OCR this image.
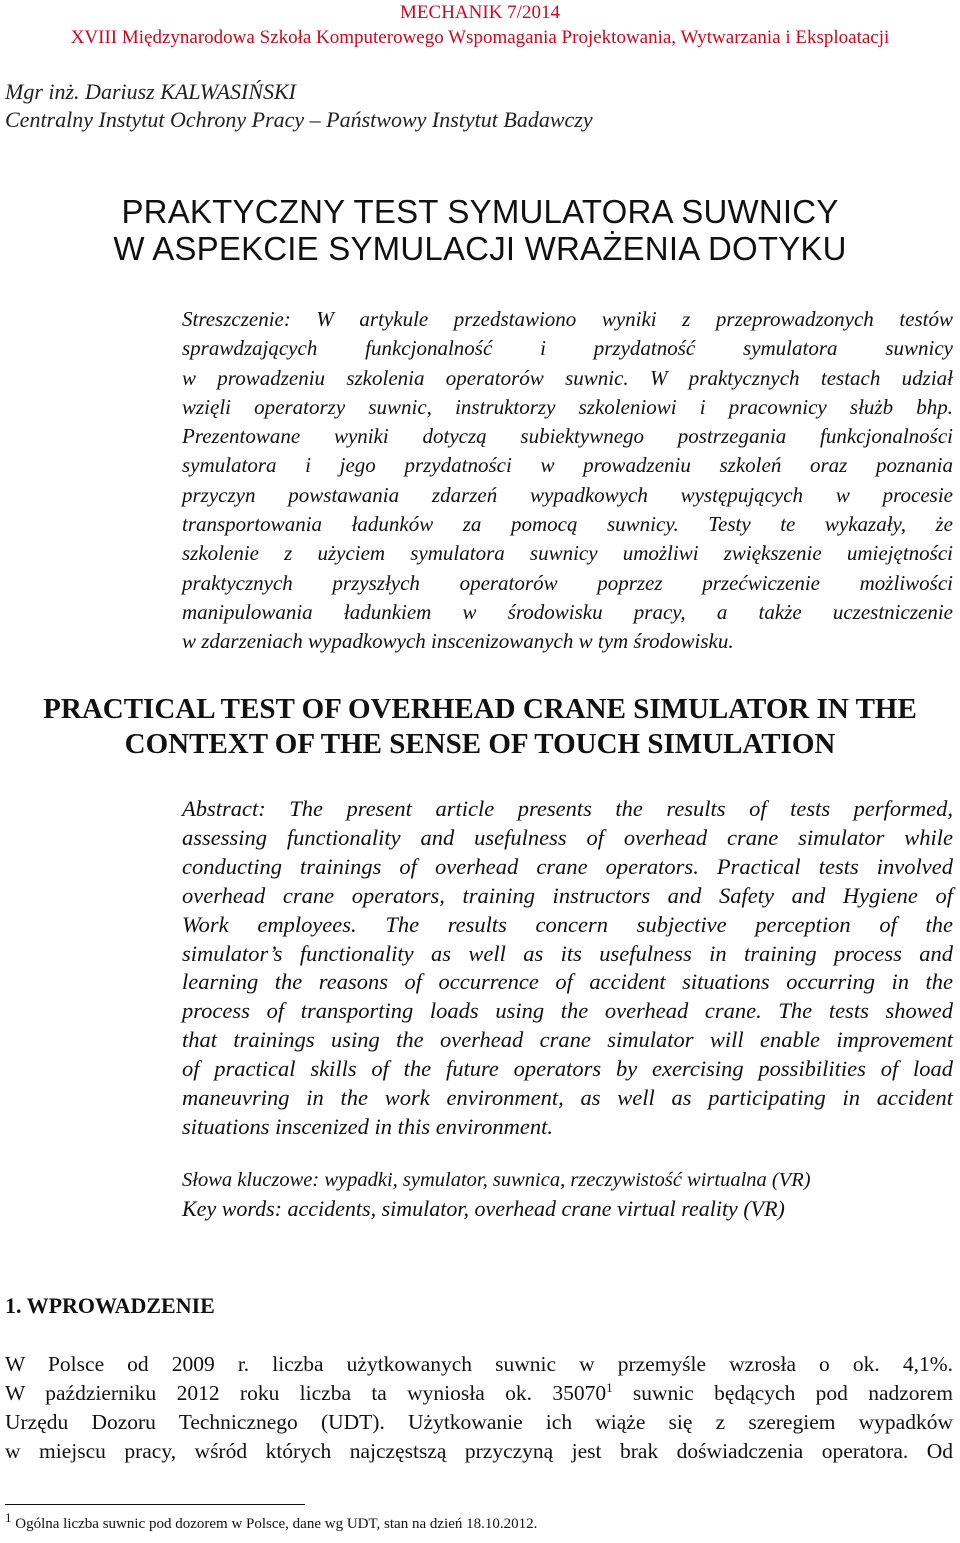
MECHANIK 7/2014
XVIII Międzynarodowa Szkoła Komputerowego Wspomagania Projektowania, Wytwarzania i Eksploatacji
Mgr inż. Dariusz KALWASIŃSKI
Centralny Instytut Ochrony Pracy – Państwowy Instytut Badawczy
PRAKTYCZNY TEST SYMULATORA SUWNICY
W ASPEKCIE SYMULACJI WRAŻENIA DOTYKU
Streszczenie: W artykule przedstawiono wyniki z przeprowadzonych testów
sprawdzających funkcjonalność i przydatność symulatora suwnicy
w prowadzeniu szkolenia operatorów suwnic. W praktycznych testach udział
wzięli operatorzy suwnic, instruktorzy szkoleniowi i pracownicy służb bhp.
Prezentowane wyniki dotyczą subiektywnego postrzegania funkcjonalności
symulatora i jego przydatności w prowadzeniu szkoleń oraz poznania
przyczyn powstawania zdarzeń wypadkowych występujących w procesie
transportowania ładunków za pomocą suwnicy. Testy te wykazały, że
szkolenie z użyciem symulatora suwnicy umożliwi zwiększenie umiejętności
praktycznych przyszłych operatorów poprzez przećwiczenie możliwości
manipulowania ładunkiem w środowisku pracy, a także uczestniczenie
w zdarzeniach wypadkowych inscenizowanych w tym środowisku.
PRACTICAL TEST OF OVERHEAD CRANE SIMULATOR IN THE
CONTEXT OF THE SENSE OF TOUCH SIMULATION
Abstract: The present article presents the results of tests performed,
assessing functionality and usefulness of overhead crane simulator while
conducting trainings of overhead crane operators. Practical tests involved
overhead crane operators, training instructors and Safety and Hygiene of
Work employees. The results concern subjective perception of the
simulator’s functionality as well as its usefulness in training process and
learning the reasons of occurrence of accident situations occurring in the
process of transporting loads using the overhead crane. The tests showed
that trainings using the overhead crane simulator will enable improvement
of practical skills of the future operators by exercising possibilities of load
maneuvring in the work environment, as well as participating in accident
situations inscenized in this environment.
Słowa kluczowe: wypadki, symulator, suwnica, rzeczywistość wirtualna (VR)
Key words: accidents, simulator, overhead crane virtual reality (VR)
1. WPROWADZENIE
W Polsce od 2009 r. liczba użytkowanych suwnic w przemyśle wzrosła o ok. 4,1%.
W październiku 2012 roku liczba ta wyniosła ok. 35070$^1$ suwnic będących pod nadzorem
Urzędu Dozoru Technicznego (UDT). Użytkowanie ich wiąże się z szeregiem wypadków
w miejscu pracy, wśród których najczęstszą przyczyną jest brak doświadczenia operatora. Od
$^1$ Ogólna liczba suwnic pod dozorem w Polsce, dane wg UDT, stan na dzień 18.10.2012.
